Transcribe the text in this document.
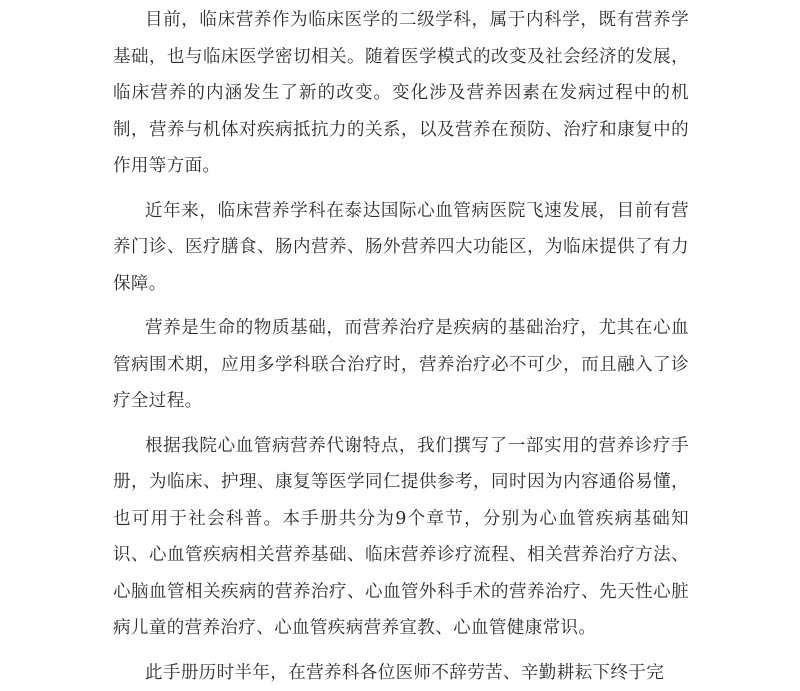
目前，临床营养作为临床医学的二级学科，属于内科学，既有营养学基础，也与临床医学密切相关。随着医学模式的改变及社会经济的发展，临床营养的内涵发生了新的改变。变化涉及营养因素在发病过程中的机制，营养与机体对疾病抵抗力的关系，以及营养在预防、治疗和康复中的作用等方面。

近年来，临床营养学科在泰达国际心血管病医院飞速发展，目前有营养门诊、医疗膳食、肠内营养、肠外营养四大功能区，为临床提供了有力保障。

营养是生命的物质基础，而营养治疗是疾病的基础治疗，尤其在心血管病围术期，应用多学科联合治疗时，营养治疗必不可少，而且融入了诊疗全过程。

根据我院心血管病营养代谢特点，我们撰写了一部实用的营养诊疗手册，为临床、护理、康复等医学同仁提供参考，同时因为内容通俗易懂，也可用于社会科普。本手册共分为9个章节，分别为心血管疾病基础知识、心血管疾病相关营养基础、临床营养诊疗流程、相关营养治疗方法、心脑血管相关疾病的营养治疗、心血管外科手术的营养治疗、先天性心脏病儿童的营养治疗、心血管疾病营养宣教、心血管健康常识。

此手册历时半年，在营养科各位医师不辞劳苦、辛勤耕耘下终于完
